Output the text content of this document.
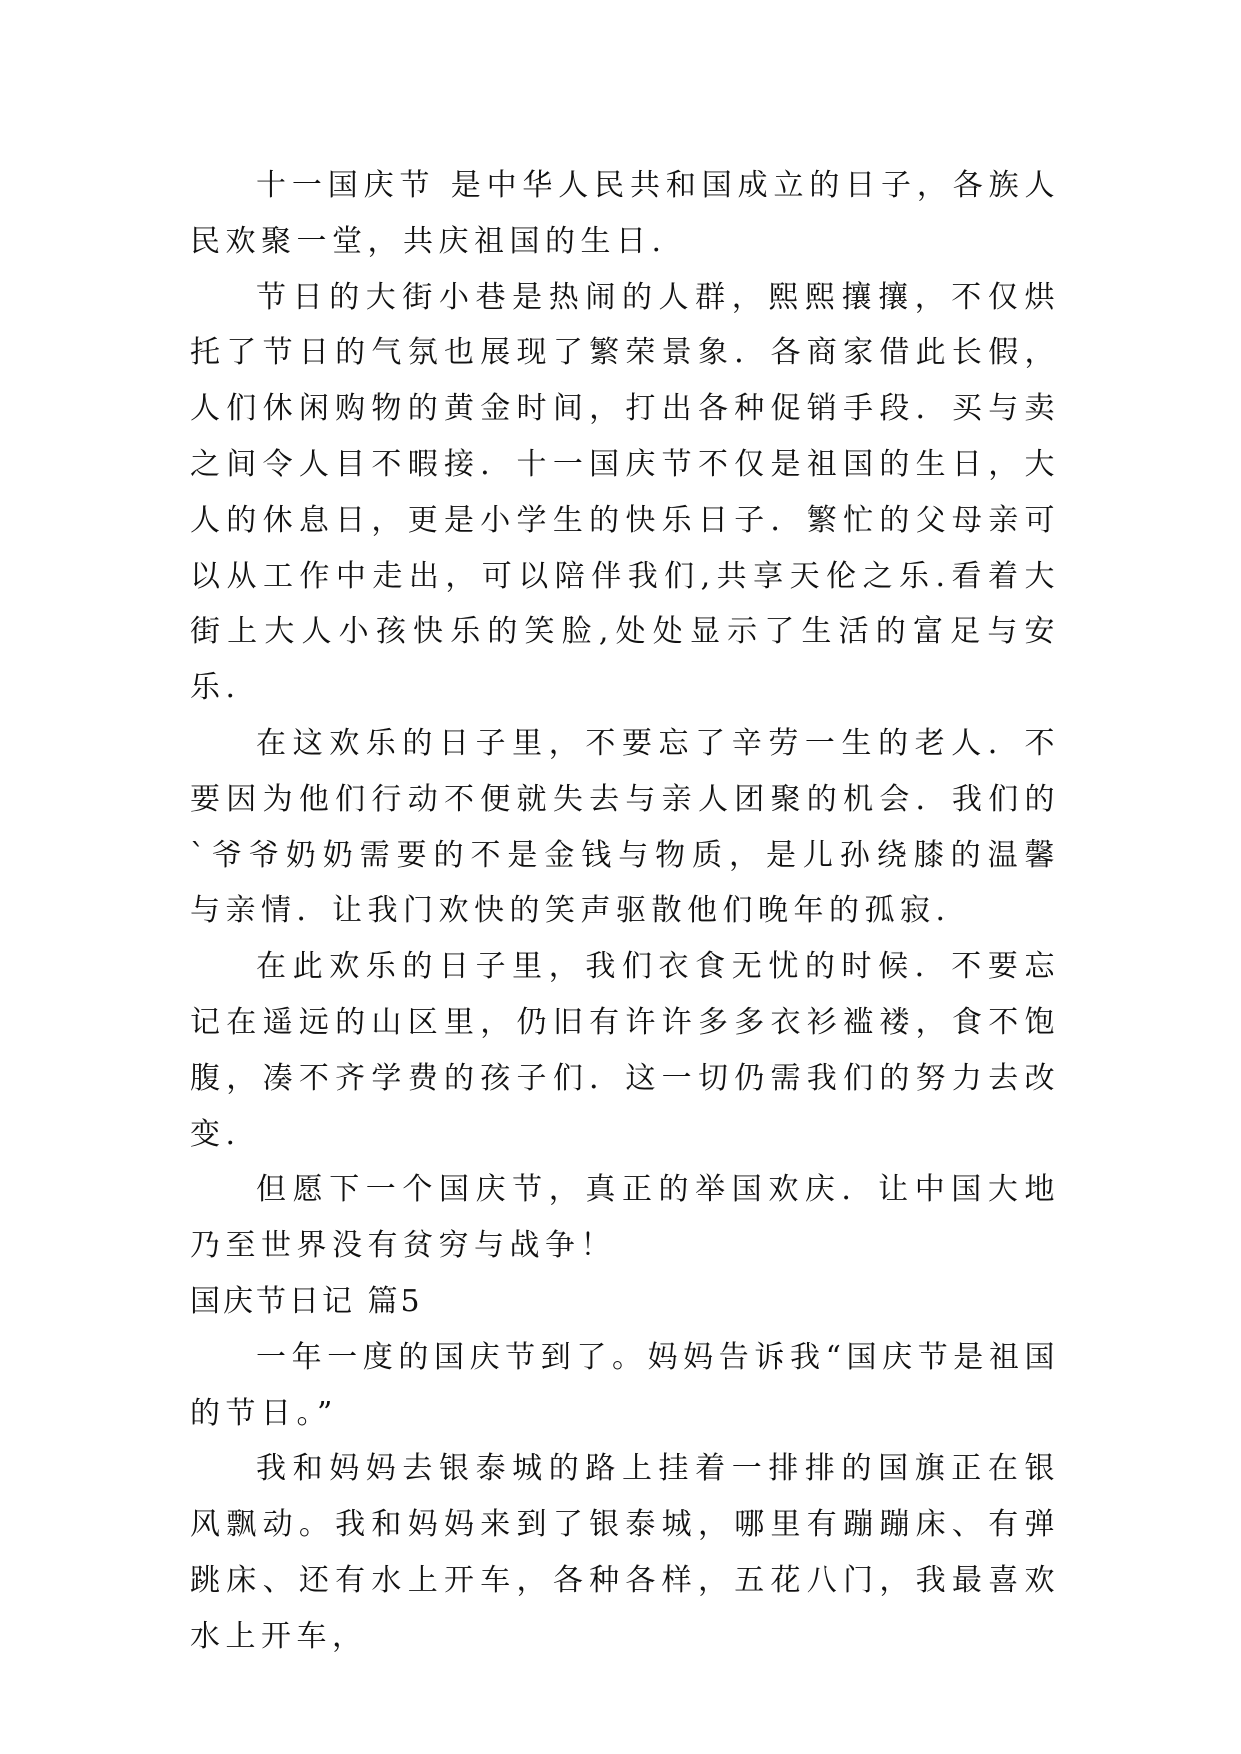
十一国庆节 是中华人民共和国成立的日子，各族人民欢聚一堂，共庆祖国的生日.

节日的大街小巷是热闹的人群，熙熙攘攘，不仅烘托了节日的气氛也展现了繁荣景象．各商家借此长假，人们休闲购物的黄金时间，打出各种促销手段．买与卖之间令人目不暇接．十一国庆节不仅是祖国的生日，大人的休息日，更是小学生的快乐日子．繁忙的父母亲可以从工作中走出，可以陪伴我们,共享天伦之乐.看着大街上大人小孩快乐的笑脸,处处显示了生活的富足与安乐.

在这欢乐的日子里，不要忘了辛劳一生的老人．不要因为他们行动不便就失去与亲人团聚的机会．我们的`爷爷奶奶需要的不是金钱与物质，是儿孙绕膝的温馨与亲情．让我门欢快的笑声驱散他们晚年的孤寂.

在此欢乐的日子里，我们衣食无忧的时候．不要忘记在遥远的山区里，仍旧有许许多多衣衫褴褛，食不饱腹，凑不齐学费的孩子们．这一切仍需我们的努力去改变.

但愿下一个国庆节，真正的举国欢庆．让中国大地乃至世界没有贫穷与战争！

国庆节日记 篇5

一年一度的国庆节到了。妈妈告诉我“国庆节是祖国的节日。”

我和妈妈去银泰城的路上挂着一排排的国旗正在银风飘动。我和妈妈来到了银泰城，哪里有蹦蹦床、有弹跳床、还有水上开车，各种各样，五花八门，我最喜欢水上开车，
